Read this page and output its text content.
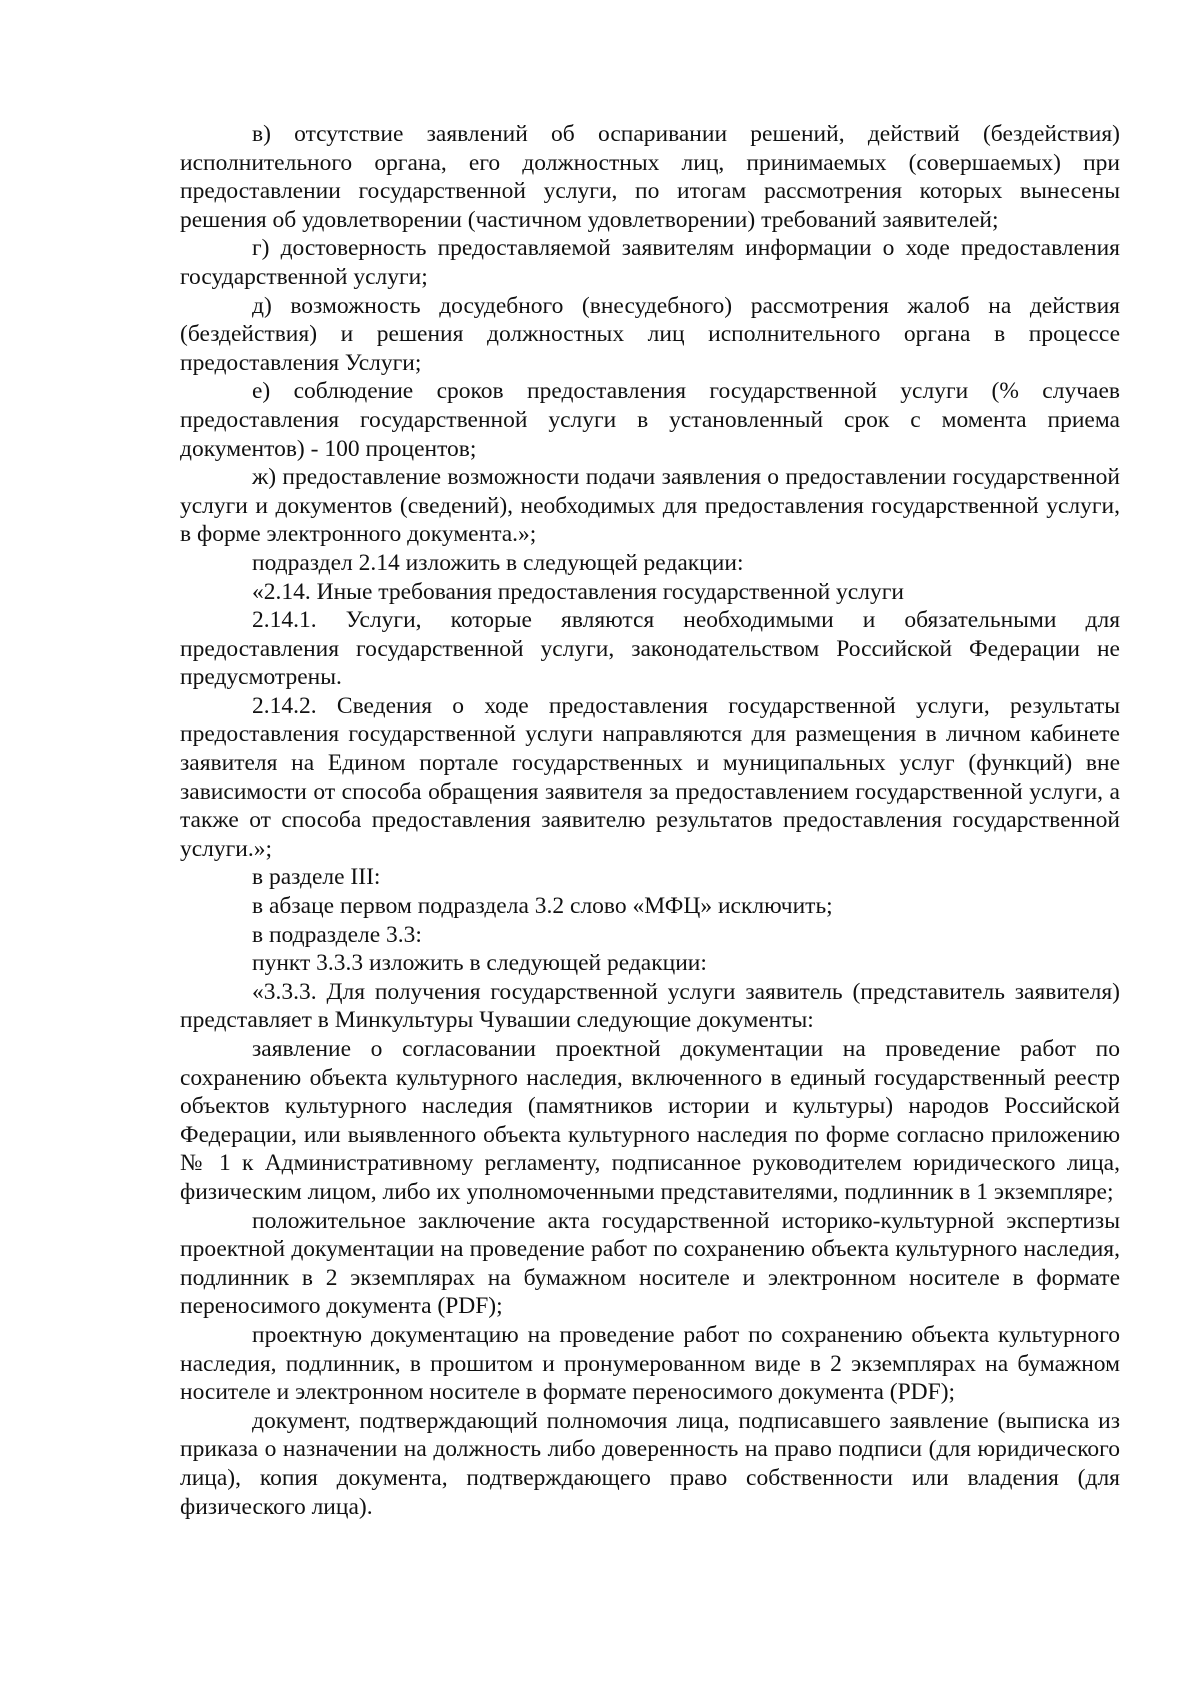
в) отсутствие заявлений об оспаривании решений, действий (бездействия) исполнительного органа, его должностных лиц, принимаемых (совершаемых) при предоставлении государственной услуги, по итогам рассмотрения которых вынесены решения об удовлетворении (частичном удовлетворении) требований заявителей;

г) достоверность предоставляемой заявителям информации о ходе предоставления государственной услуги;

д) возможность досудебного (внесудебного) рассмотрения жалоб на действия (бездействия) и решения должностных лиц исполнительного органа в процессе предоставления Услуги;

е) соблюдение сроков предоставления государственной услуги (% случаев предоставления государственной услуги в установленный срок с момента приема документов) - 100 процентов;

ж) предоставление возможности подачи заявления о предоставлении государственной услуги и документов (сведений), необходимых для предоставления государственной услуги, в форме электронного документа.»;

подраздел 2.14 изложить в следующей редакции:

«2.14. Иные требования предоставления государственной услуги

2.14.1. Услуги, которые являются необходимыми и обязательными для предоставления государственной услуги, законодательством Российской Федерации не предусмотрены.

2.14.2. Сведения о ходе предоставления государственной услуги, результаты предоставления государственной услуги направляются для размещения в личном кабинете заявителя на Едином портале государственных и муниципальных услуг (функций) вне зависимости от способа обращения заявителя за предоставлением государственной услуги, а также от способа предоставления заявителю результатов предоставления государственной услуги.»;

в разделе III:

в абзаце первом подраздела 3.2 слово «МФЦ» исключить;

в подразделе 3.3:

пункт 3.3.3 изложить в следующей редакции:

«3.3.3. Для получения государственной услуги заявитель (представитель заявителя) представляет в Минкультуры Чувашии следующие документы:

заявление о согласовании проектной документации на проведение работ по сохранению объекта культурного наследия, включенного в единый государственный реестр объектов культурного наследия (памятников истории и культуры) народов Российской Федерации, или выявленного объекта культурного наследия по форме согласно приложению № 1 к Административному регламенту, подписанное руководителем юридического лица, физическим лицом, либо их уполномоченными представителями, подлинник в 1 экземпляре;

положительное заключение акта государственной историко-культурной экспертизы проектной документации на проведение работ по сохранению объекта культурного наследия, подлинник в 2 экземплярах на бумажном носителе и электронном носителе в формате переносимого документа (PDF);

проектную документацию на проведение работ по сохранению объекта культурного наследия, подлинник, в прошитом и пронумерованном виде в 2 экземплярах на бумажном носителе и электронном носителе в формате переносимого документа (PDF);

документ, подтверждающий полномочия лица, подписавшего заявление (выписка из приказа о назначении на должность либо доверенность на право подписи (для юридического лица), копия документа, подтверждающего право собственности или владения (для физического лица).
